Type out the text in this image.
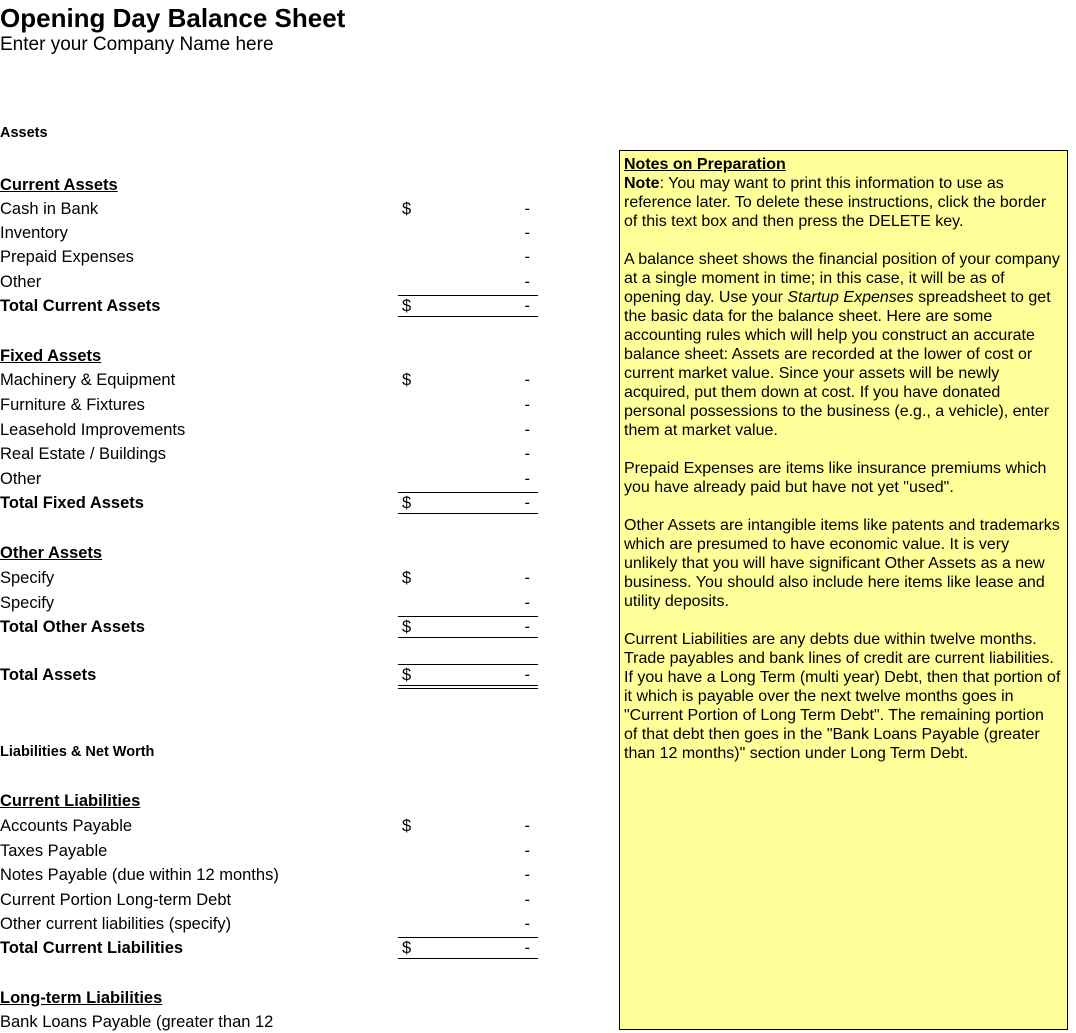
Opening Day Balance Sheet
Enter your Company Name here
Assets
Current Assets
Cash in Bank	$	-
Inventory	-
Prepaid Expenses	-
Other	-
Total Current Assets	$	-
Fixed Assets
Machinery & Equipment	$	-
Furniture & Fixtures	-
Leasehold Improvements	-
Real Estate / Buildings	-
Other	-
Total Fixed Assets	$	-
Other Assets
Specify	$	-
Specify	-
Total Other Assets	$	-
Total Assets	$	-
Liabilities & Net Worth
Current Liabilities
Accounts Payable	$	-
Taxes Payable	-
Notes Payable (due within 12 months)	-
Current Portion Long-term Debt	-
Other current liabilities (specify)	-
Total Current Liabilities	$	-
Long-term Liabilities
Bank Loans Payable (greater than 12

Notes on Preparation

Note: You may want to print this information to use as reference later. To delete these instructions, click the border of this text box and then press the DELETE key.

A balance sheet shows the financial position of your company at a single moment in time; in this case, it will be as of opening day. Use your Startup Expenses spreadsheet to get the basic data for the balance sheet. Here are some accounting rules which will help you construct an accurate balance sheet: Assets are recorded at the lower of cost or current market value. Since your assets will be newly acquired, put them down at cost. If you have donated personal possessions to the business (e.g., a vehicle), enter them at market value.

Prepaid Expenses are items like insurance premiums which you have already paid but have not yet "used".

Other Assets are intangible items like patents and trademarks which are presumed to have economic value. It is very unlikely that you will have significant Other Assets as a new business. You should also include here items like lease and utility deposits.

Current Liabilities are any debts due within twelve months.

Trade payables and bank lines of credit are current liabilities. If you have a Long Term (multi year) Debt, then that portion of it which is payable over the next twelve months goes in "Current Portion of Long Term Debt". The remaining portion of that debt then goes in the "Bank Loans Payable (greater than 12 months)" section under Long Term Debt.
